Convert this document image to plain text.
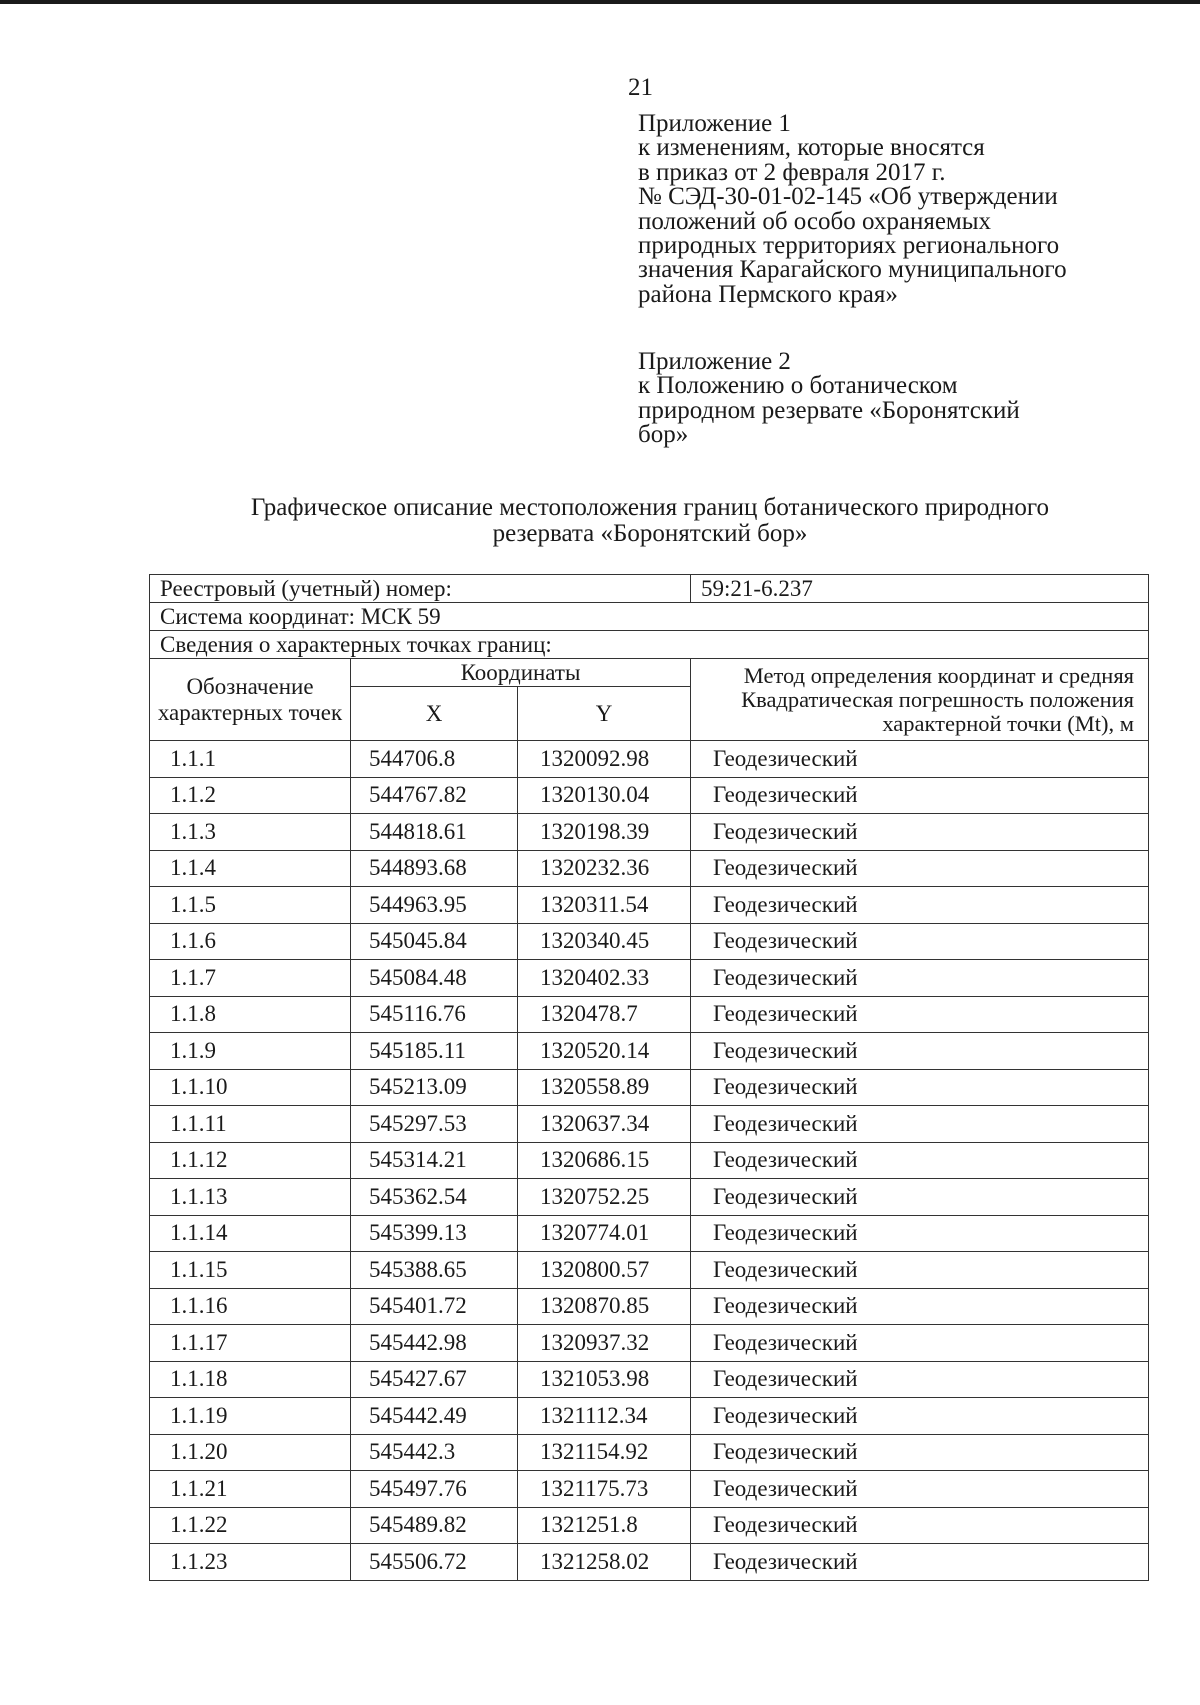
21
Приложение 1
к изменениям, которые вносятся
в приказ от 2 февраля 2017 г.
№ СЭД-30-01-02-145 «Об утверждении
положений об особо охраняемых
природных территориях регионального
значения Карагайского муниципального
района Пермского края»
Приложение 2
к Положению о ботаническом
природном резервате «Боронятский
бор»
Графическое описание местоположения границ ботанического природного
резервата «Боронятский бор»
Реестровый (учетный) номер:			59:21-6.237
Система координат: МСК 59			
Сведения о характерных точках границ:			
Обозначение характерных точек	Координаты		Метод определения координат и средняя
Квадратическая погрешность положения
характерной точки (Mt), м

	X	Y	
1.1.1	544706.8	1320092.98	Геодезический
1.1.2	544767.82	1320130.04	Геодезический
1.1.3	544818.61	1320198.39	Геодезический
1.1.4	544893.68	1320232.36	Геодезический
1.1.5	544963.95	1320311.54	Геодезический
1.1.6	545045.84	1320340.45	Геодезический
1.1.7	545084.48	1320402.33	Геодезический
1.1.8	545116.76	1320478.7	Геодезический
1.1.9	545185.11	1320520.14	Геодезический
1.1.10	545213.09	1320558.89	Геодезический
1.1.11	545297.53	1320637.34	Геодезический
1.1.12	545314.21	1320686.15	Геодезический
1.1.13	545362.54	1320752.25	Геодезический
1.1.14	545399.13	1320774.01	Геодезический
1.1.15	545388.65	1320800.57	Геодезический
1.1.16	545401.72	1320870.85	Геодезический
1.1.17	545442.98	1320937.32	Геодезический
1.1.18	545427.67	1321053.98	Геодезический
1.1.19	545442.49	1321112.34	Геодезический
1.1.20	545442.3	1321154.92	Геодезический
1.1.21	545497.76	1321175.73	Геодезический
1.1.22	545489.82	1321251.8	Геодезический
1.1.23	545506.72	1321258.02	Геодезический
